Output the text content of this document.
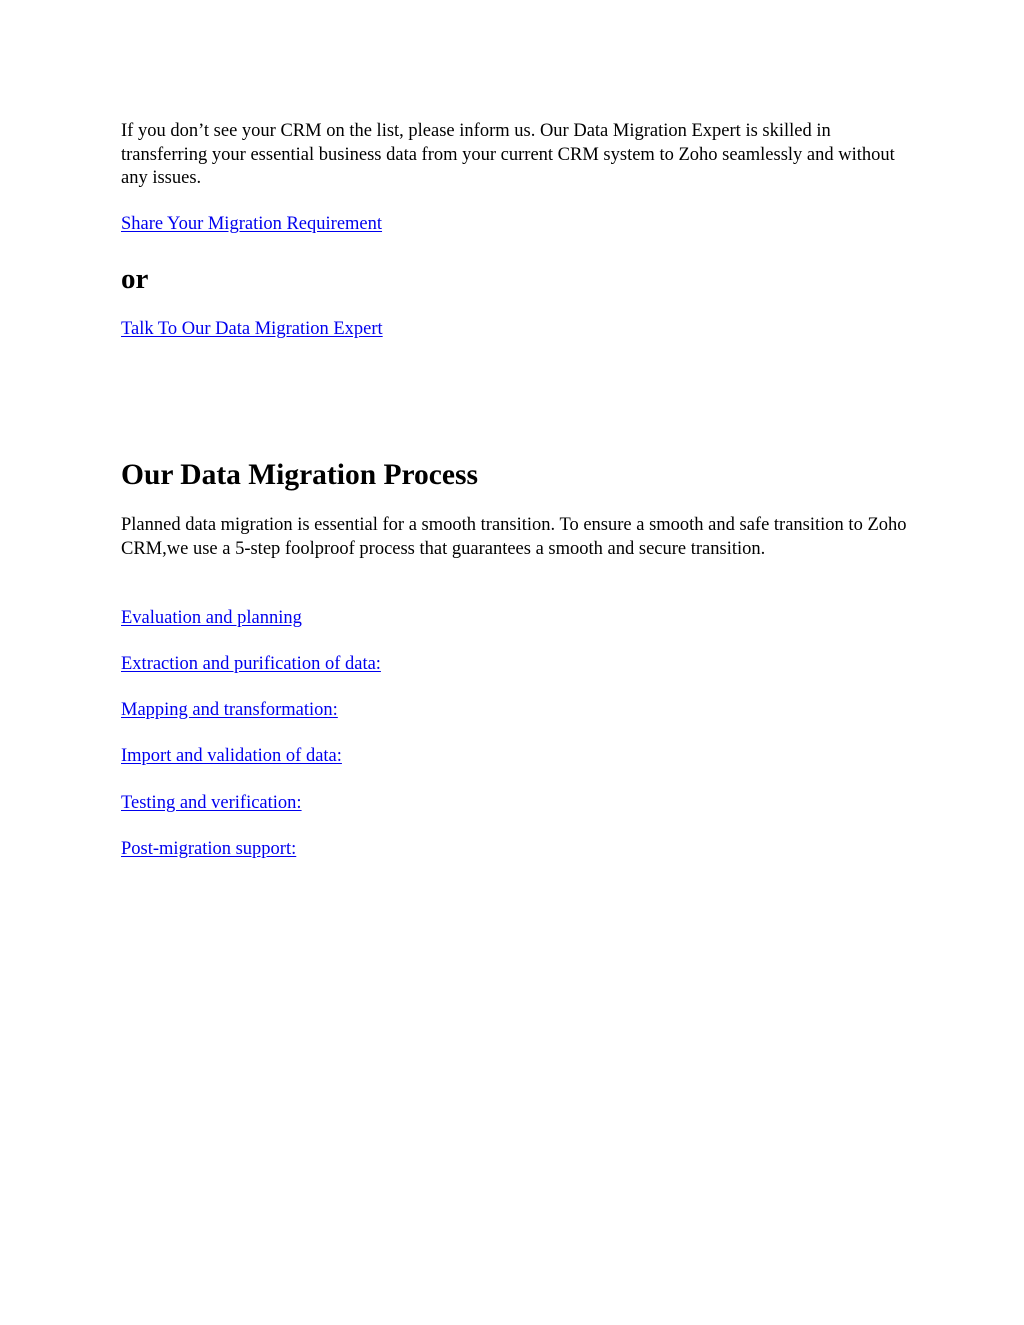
If you don’t see your CRM on the list, please inform us. Our Data Migration Expert is skilled in transferring your essential business data from your current CRM system to Zoho seamlessly and without any issues.

Share Your Migration Requirement

or

Talk To Our Data Migration Expert

Our Data Migration Process

Planned data migration is essential for a smooth transition. To ensure a smooth and safe transition to Zoho CRM,we use a 5-step foolproof process that guarantees a smooth and secure transition.

Evaluation and planning

Extraction and purification of data:

Mapping and transformation:

Import and validation of data:

Testing and verification:

Post-migration support:
